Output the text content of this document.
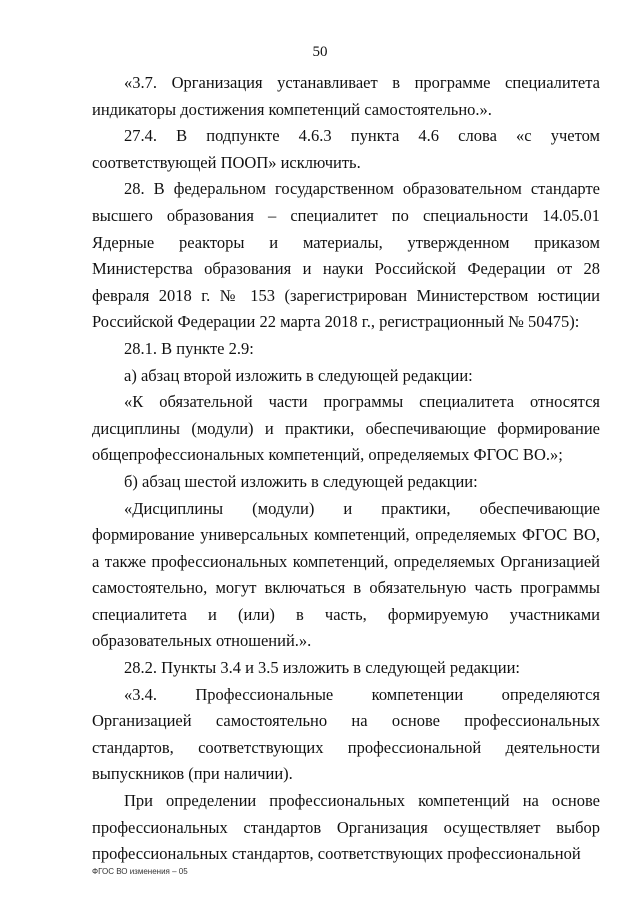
50

«3.7. Организация устанавливает в программе специалитета индикаторы достижения компетенций самостоятельно.».

27.4. В подпункте 4.6.3 пункта 4.6 слова «с учетом соответствующей ПООП» исключить.

28. В федеральном государственном образовательном стандарте высшего образования – специалитет по специальности 14.05.01 Ядерные реакторы и материалы, утвержденном приказом Министерства образования и науки Российской Федерации от 28 февраля 2018 г. № 153 (зарегистрирован Министерством юстиции Российской Федерации 22 марта 2018 г., регистрационный № 50475):

28.1. В пункте 2.9:

а) абзац второй изложить в следующей редакции:

«К обязательной части программы специалитета относятся дисциплины (модули) и практики, обеспечивающие формирование общепрофессиональных компетенций, определяемых ФГОС ВО.»;

б) абзац шестой изложить в следующей редакции:

«Дисциплины (модули) и практики, обеспечивающие формирование универсальных компетенций, определяемых ФГОС ВО, а также профессиональных компетенций, определяемых Организацией самостоятельно, могут включаться в обязательную часть программы специалитета и (или) в часть, формируемую участниками образовательных отношений.».

28.2. Пункты 3.4 и 3.5 изложить в следующей редакции:

«3.4. Профессиональные компетенции определяются Организацией самостоятельно на основе профессиональных стандартов, соответствующих профессиональной деятельности выпускников (при наличии).

При определении профессиональных компетенций на основе профессиональных стандартов Организация осуществляет выбор профессиональных стандартов, соответствующих профессиональной

ФГОС ВО изменения – 05
